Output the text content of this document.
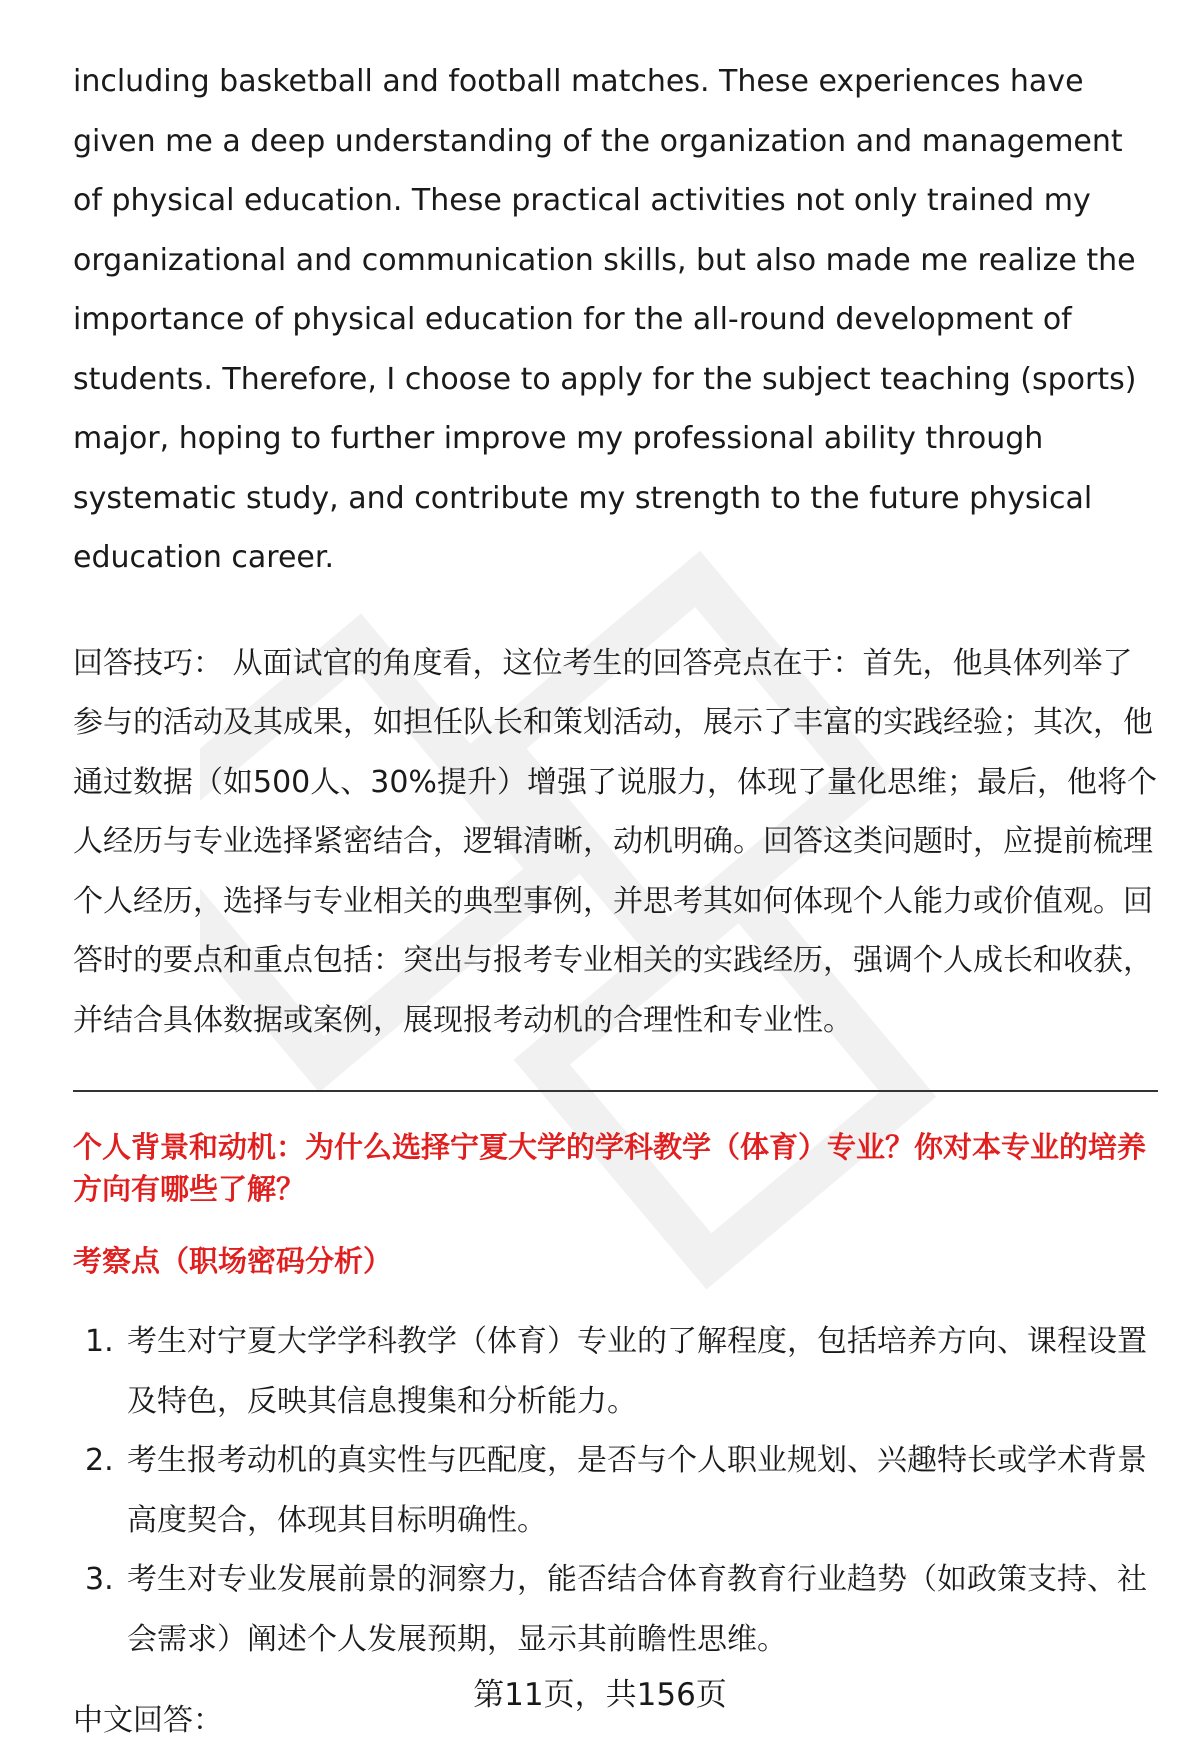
including basketball and football matches. These experiences have given me a deep understanding of the organization and management of physical education. These practical activities not only trained my organizational and communication skills, but also made me realize the importance of physical education for the all-round development of students. Therefore, I choose to apply for the subject teaching (sports) major, hoping to further improve my professional ability through systematic study, and contribute my strength to the future physical education career.

回答技巧： 从面试官的角度看，这位考生的回答亮点在于：首先，他具体列举了参与的活动及其成果，如担任队长和策划活动，展示了丰富的实践经验；其次，他通过数据（如500人、30%提升）增强了说服力，体现了量化思维；最后，他将个人经历与专业选择紧密结合，逻辑清晰，动机明确。回答这类问题时，应提前梳理个人经历，选择与专业相关的典型事例，并思考其如何体现个人能力或价值观。回答时的要点和重点包括：突出与报考专业相关的实践经历，强调个人成长和收获，并结合具体数据或案例，展现报考动机的合理性和专业性。

个人背景和动机：为什么选择宁夏大学的学科教学（体育）专业？你对本专业的培养方向有哪些了解？

考察点（职场密码分析）

1. 考生对宁夏大学学科教学（体育）专业的了解程度，包括培养方向、课程设置及特色，反映其信息搜集和分析能力。
2. 考生报考动机的真实性与匹配度，是否与个人职业规划、兴趣特长或学术背景高度契合，体现其目标明确性。
3. 考生对专业发展前景的洞察力，能否结合体育教育行业趋势（如政策支持、社会需求）阐述个人发展预期，显示其前瞻性思维。

中文回答：

第11页，共156页
